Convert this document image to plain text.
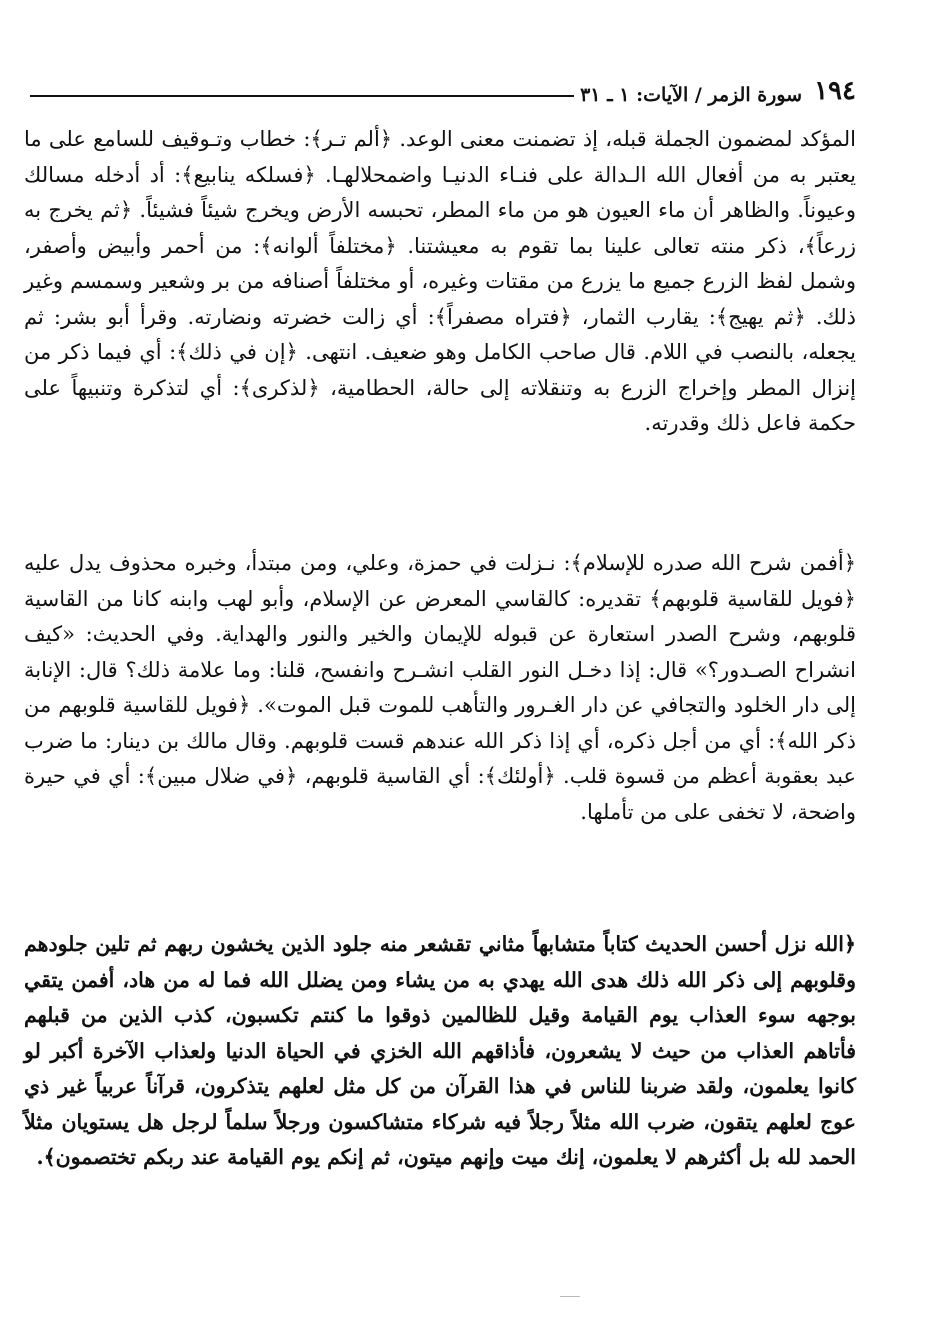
١٩٤
سورة الزمر / الآيات: ١ ـ ٣١

المؤكد لمضمون الجملة قبله، إذ تضمنت معنى الوعد. ﴿ألم تـر﴾: خطاب وتـوقيف للسامع على ما يعتبر به من أفعال الله الـدالة على فنـاء الدنيـا واضمحلالهـا. ﴿فسلكه ينابيع﴾: أد أدخله مسالك وعيوناً. والظاهر أن ماء العيون هو من ماء المطر، تحبسه الأرض ويخرج شيئاً فشيئاً. ﴿ثم يخرج به زرعاً﴾، ذكر منته تعالى علينا بما تقوم به معيشتنا. ﴿مختلفاً ألوانه﴾: من أحمر وأبيض وأصفر، وشمل لفظ الزرع جميع ما يزرع من مقتات وغيره، أو مختلفاً أصنافه من بر وشعير وسمسم وغير ذلك. ﴿ثم يهيج﴾: يقارب الثمار، ﴿فتراه مصفراً﴾: أي زالت خضرته ونضارته. وقرأ أبو بشر: ثم يجعله، بالنصب في اللام. قال صاحب الكامل وهو ضعيف. انتهى. ﴿إن في ذلك﴾: أي فيما ذكر من إنزال المطر وإخراج الزرع به وتنقلاته إلى حالة، الحطامية، ﴿لذكرى﴾: أي لتذكرة وتنبيهاً على حكمة فاعل ذلك وقدرته.

﴿أفمن شرح الله صدره للإسلام﴾: نـزلت في حمزة، وعلي، ومن مبتدأ، وخبره محذوف يدل عليه ﴿فويل للقاسية قلوبهم﴾ تقديره: كالقاسي المعرض عن الإسلام، وأبو لهب وابنه كانا من القاسية قلوبهم، وشرح الصدر استعارة عن قبوله للإيمان والخير والنور والهداية. وفي الحديث: «كيف انشراح الصـدور؟» قال: إذا دخـل النور القلب انشـرح وانفسح، قلنا: وما علامة ذلك؟ قال: الإنابة إلى دار الخلود والتجافي عن دار الغـرور والتأهب للموت قبل الموت». ﴿فويل للقاسية قلوبهم من ذكر الله﴾: أي من أجل ذكره، أي إذا ذكر الله عندهم قست قلوبهم. وقال مالك بن دينار: ما ضرب عبد بعقوبة أعظم من قسوة قلب. ﴿أولئك﴾: أي القاسية قلوبهم، ﴿في ضلال مبين﴾: أي في حيرة واضحة، لا تخفى على من تأملها.

﴿الله نزل أحسن الحديث كتاباً متشابهاً مثاني تقشعر منه جلود الذين يخشون ربهم ثم تلين جلودهم وقلوبهم إلى ذكر الله ذلك هدى الله يهدي به من يشاء ومن يضلل الله فما له من هاد، أفمن يتقي بوجهه سوء العذاب يوم القيامة وقيل للظالمين ذوقوا ما كنتم تكسبون، كذب الذين من قبلهم فأتاهم العذاب من حيث لا يشعرون، فأذاقهم الله الخزي في الحياة الدنيا ولعذاب الآخرة أكبر لو كانوا يعلمون، ولقد ضربنا للناس في هذا القرآن من كل مثل لعلهم يتذكرون، قرآناً عربياً غير ذي عوج لعلهم يتقون، ضرب الله مثلاً رجلاً فيه شركاء متشاكسون ورجلاً سلماً لرجل هل يستويان مثلاً الحمد لله بل أكثرهم لا يعلمون، إنك ميت وإنهم ميتون، ثم إنكم يوم القيامة عند ربكم تختصمون﴾.
